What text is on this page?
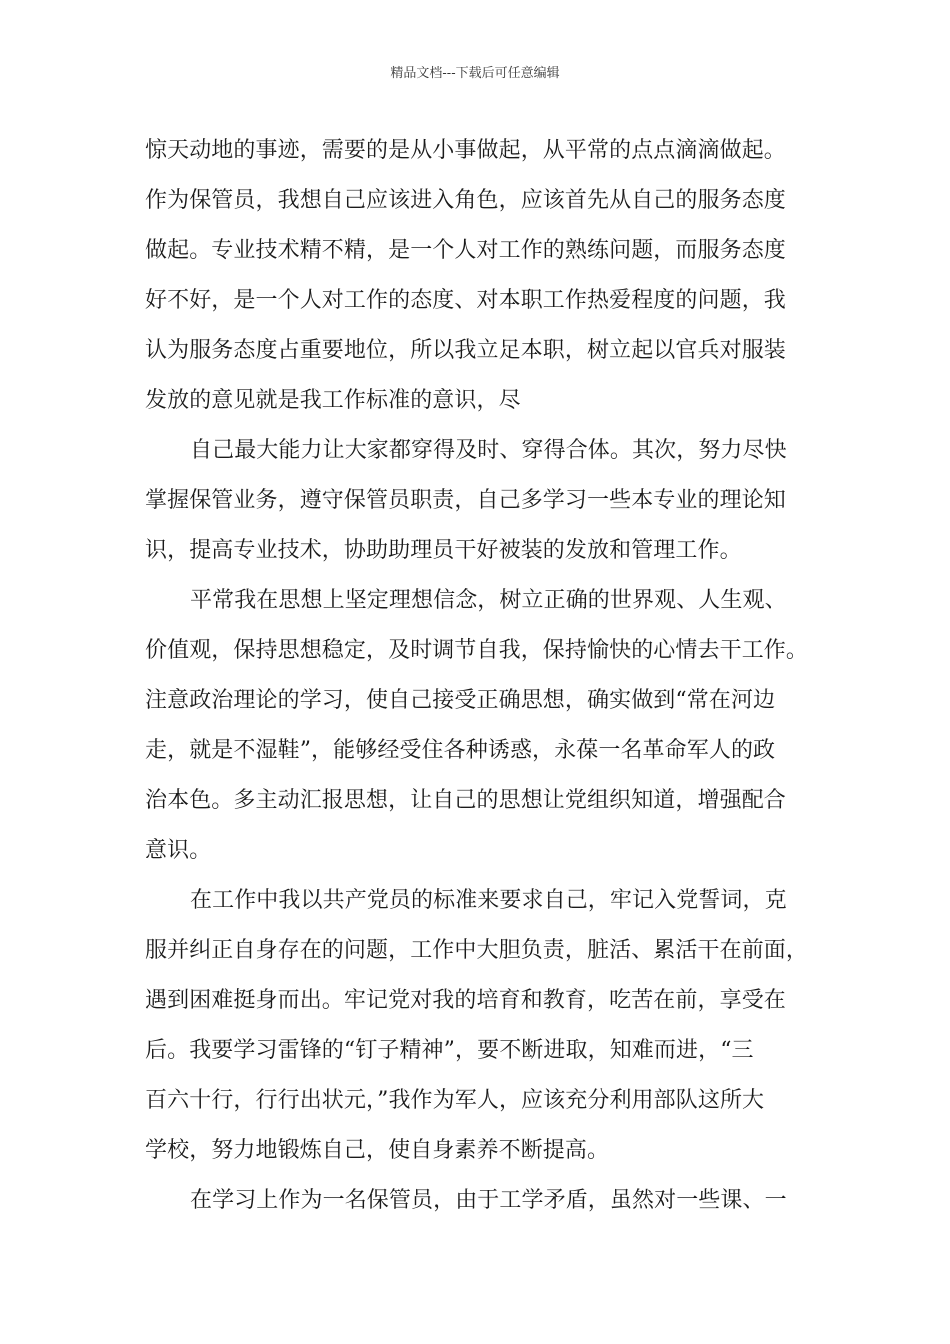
精品文档---下载后可任意编辑
惊天动地的事迹，需要的是从小事做起，从平常的点点滴滴做起。
作为保管员，我想自己应该进入角色，应该首先从自己的服务态度
做起。专业技术精不精，是一个人对工作的熟练问题，而服务态度
好不好，是一个人对工作的态度、对本职工作热爱程度的问题，我
认为服务态度占重要地位，所以我立足本职，树立起以官兵对服装
发放的意见就是我工作标准的意识，尽
自己最大能力让大家都穿得及时、穿得合体。其次，努力尽快
掌握保管业务，遵守保管员职责，自己多学习一些本专业的理论知
识，提高专业技术，协助助理员干好被装的发放和管理工作。
平常我在思想上坚定理想信念，树立正确的世界观、人生观、
价值观，保持思想稳定，及时调节自我，保持愉快的心情去干工作。
注意政治理论的学习，使自己接受正确思想，确实做到“常在河边
走，就是不湿鞋”，能够经受住各种诱惑，永葆一名革命军人的政
治本色。多主动汇报思想，让自己的思想让党组织知道，增强配合
意识。
在工作中我以共产党员的标准来要求自己，牢记入党誓词，克
服并纠正自身存在的问题，工作中大胆负责，脏活、累活干在前面，
遇到困难挺身而出。牢记党对我的培育和教育，吃苦在前，享受在
后。我要学习雷锋的“钉子精神”，要不断进取，知难而进，“三
百六十行，行行出状元，”我作为军人，应该充分利用部队这所大
学校，努力地锻炼自己，使自身素养不断提高。
在学习上作为一名保管员，由于工学矛盾，虽然对一些课、一
